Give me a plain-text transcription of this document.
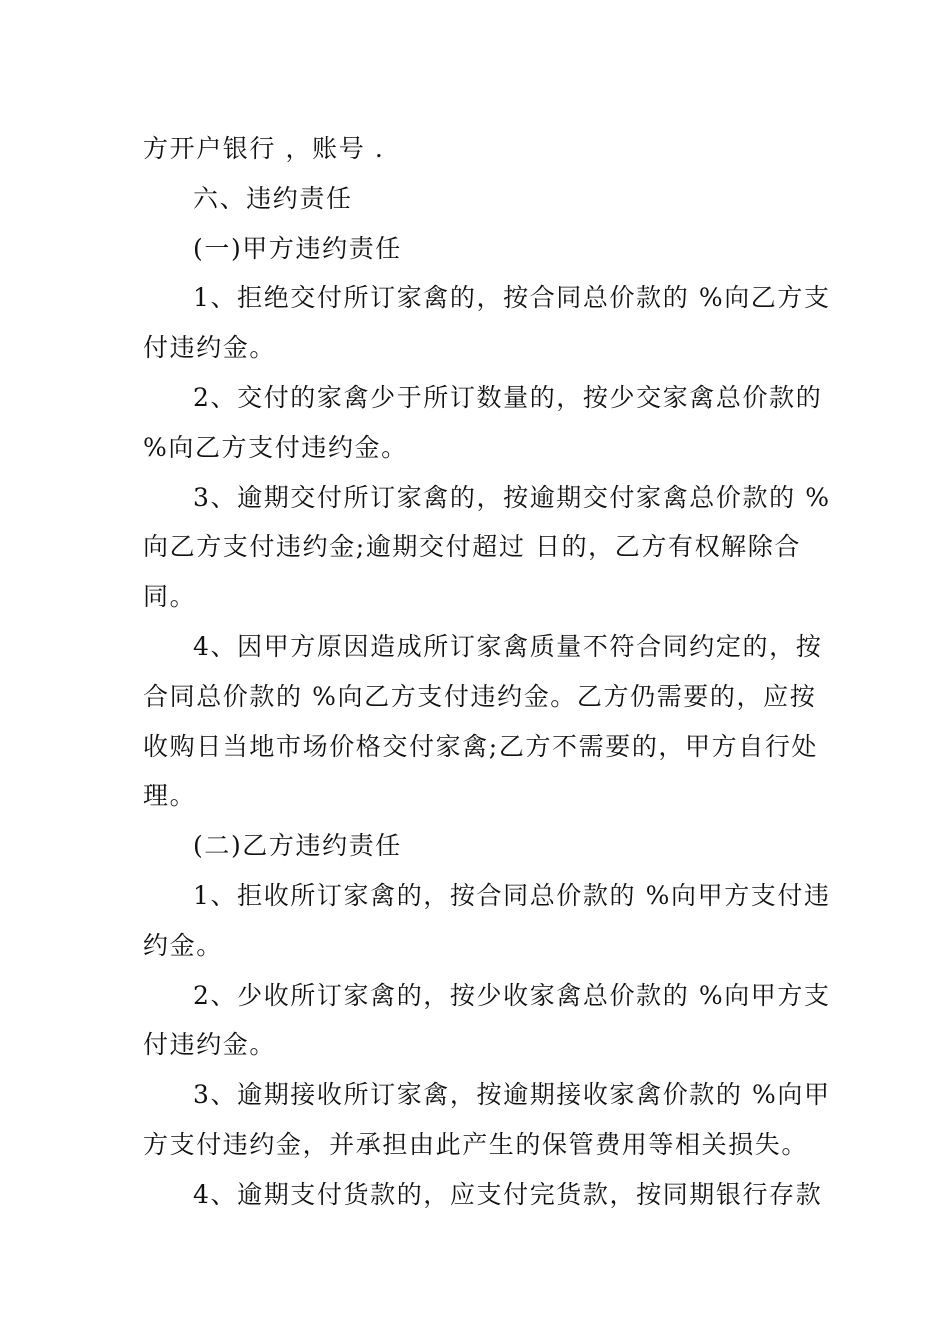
方开户银行 ，账号 .
六、违约责任
(一)甲方违约责任
1、拒绝交付所订家禽的，按合同总价款的 %向乙方支
付违约金。
2、交付的家禽少于所订数量的，按少交家禽总价款的
%向乙方支付违约金。
3、逾期交付所订家禽的，按逾期交付家禽总价款的 %
向乙方支付违约金;逾期交付超过 日的，乙方有权解除合
同。
4、因甲方原因造成所订家禽质量不符合同约定的，按
合同总价款的 %向乙方支付违约金。乙方仍需要的，应按
收购日当地市场价格交付家禽;乙方不需要的，甲方自行处
理。
(二)乙方违约责任
1、拒收所订家禽的，按合同总价款的 %向甲方支付违
约金。
2、少收所订家禽的，按少收家禽总价款的 %向甲方支
付违约金。
3、逾期接收所订家禽，按逾期接收家禽价款的 %向甲
方支付违约金，并承担由此产生的保管费用等相关损失。
4、逾期支付货款的，应支付完货款，按同期银行存款
